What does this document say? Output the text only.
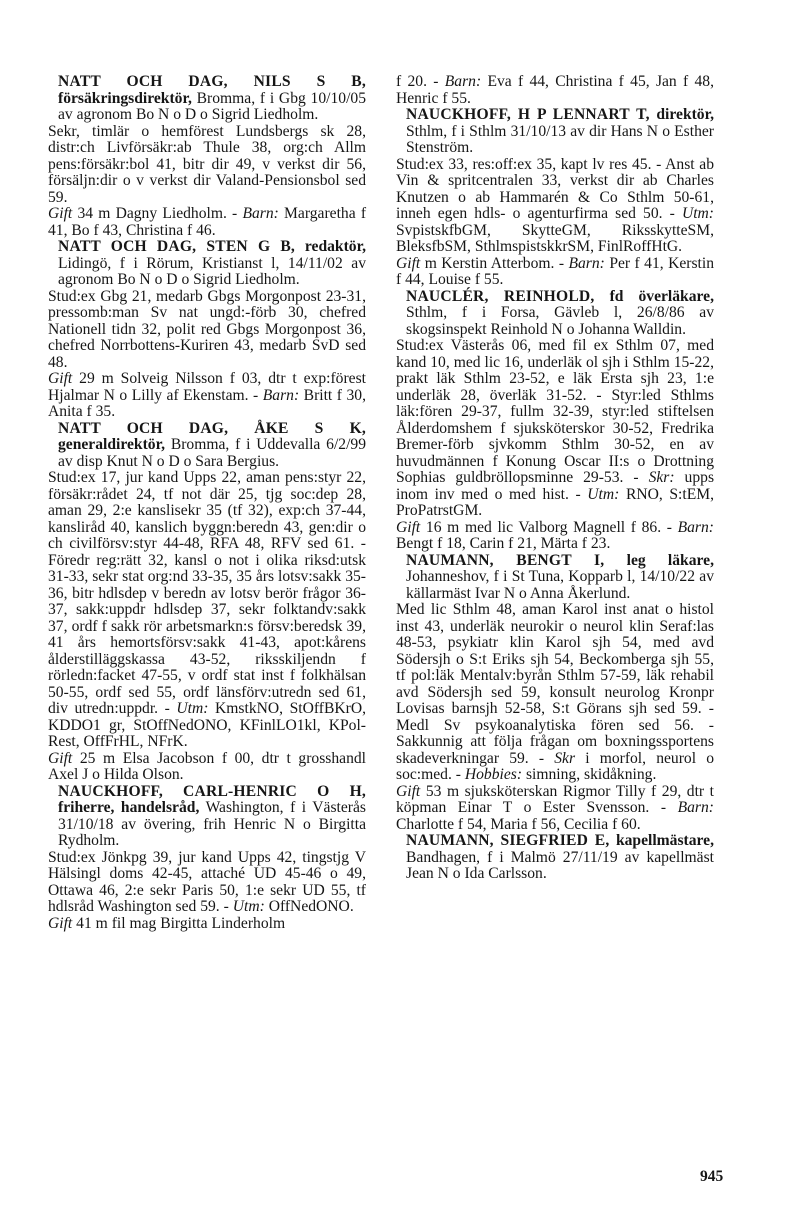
NATT OCH DAG, NILS S B, försäkringsdirektör, Bromma, f i Gbg 10/10/05 av agronom Bo N o D o Sigrid Liedholm.
Sekr, timlär o hemförest Lundsbergs sk 28, distr:ch Livförsäkr:ab Thule 38, org:ch Allm pens:försäkr:bol 41, bitr dir 49, v verkst dir 56, försäljn:dir o v verkst dir Valand-Pensionsbol sed 59.
Gift 34 m Dagny Liedholm. - Barn: Margaretha f 41, Bo f 43, Christina f 46.
NATT OCH DAG, STEN G B, redaktör, Lidingö, f i Rörum, Kristianst l, 14/11/02 av agronom Bo N o D o Sigrid Liedholm.
Stud:ex Gbg 21, medarb Gbgs Morgonpost 23-31, pressomb:man Sv nat ungd:-förb 30, chefred Nationell tidn 32, polit red Gbgs Morgonpost 36, chefred Norrbottens-Kuriren 43, medarb SvD sed 48.
Gift 29 m Solveig Nilsson f 03, dtr t exp:förest Hjalmar N o Lilly af Ekenstam. - Barn: Britt f 30, Anita f 35.
NATT OCH DAG, ÅKE S K, generaldirektör, Bromma, f i Uddevalla 6/2/99 av disp Knut N o D o Sara Bergius.
Stud:ex 17, jur kand Upps 22, aman pens:styr 22, försäkr:rådet 24, tf not där 25, tjg soc:dep 28, aman 29, 2:e kanslisekr 35 (tf 32), exp:ch 37-44, kansliråd 40, kanslich byggn:beredn 43, gen:dir o ch civilförsv:styr 44-48, RFA 48, RFV sed 61. - Föredr reg:rätt 32, kansl o not i olika riksd:utsk 31-33, sekr stat org:nd 33-35, 35 års lotsv:sakk 35-36, bitr hdlsdep v beredn av lotsv berör frågor 36-37, sakk:uppdr hdlsdep 37, sekr folktandv:sakk 37, ordf f sakk rör arbetsmarkn:s försv:beredsk 39, 41 års hemortsförsv:sakk 41-43, apot:kårens ålderstilläggskassa 43-52, riksskiljendn f rörledn:facket 47-55, v ordf stat inst f folkhälsan 50-55, ordf sed 55, ordf länsförv:utredn sed 61, div utredn:uppdr. - Utm: KmstkNO, StOffBKrO, KDDO1 gr, StOffNedONO, KFinlLO1kl, KPol-Rest, OffFrHL, NFrK.
Gift 25 m Elsa Jacobson f 00, dtr t grosshandl Axel J o Hilda Olson.
NAUCKHOFF, CARL-HENRIC O H, friherre, handelsråd, Washington, f i Västerås 31/10/18 av övering, frih Henric N o Birgitta Rydholm.
Stud:ex Jönkpg 39, jur kand Upps 42, tingstjg V Hälsingl doms 42-45, attaché UD 45-46 o 49, Ottawa 46, 2:e sekr Paris 50, 1:e sekr UD 55, tf hdlsråd Washington sed 59. - Utm: OffNedONO.
Gift 41 m fil mag Birgitta Linderholm
f 20. - Barn: Eva f 44, Christina f 45, Jan f 48, Henric f 55.
NAUCKHOFF, H P LENNART T, direktör, Sthlm, f i Sthlm 31/10/13 av dir Hans N o Esther Stenström.
Stud:ex 33, res:off:ex 35, kapt lv res 45. - Anst ab Vin & spritcentralen 33, verkst dir ab Charles Knutzen o ab Hammarén & Co Sthlm 50-61, inneh egen hdls- o agenturfirma sed 50. - Utm: SvpistskfbGM, SkytteGM, RiksskytteSM, BleksfbSM, SthlmspistskkrSM, FinlRoffHtG.
Gift m Kerstin Atterbom. - Barn: Per f 41, Kerstin f 44, Louise f 55.
NAUCLÉR, REINHOLD, fd överläkare, Sthlm, f i Forsa, Gävleb l, 26/8/86 av skogsinspekt Reinhold N o Johanna Walldin.
Stud:ex Västerås 06, med fil ex Sthlm 07, med kand 10, med lic 16, underläk ol sjh i Sthlm 15-22, prakt läk Sthlm 23-52, e läk Ersta sjh 23, 1:e underläk 28, överläk 31-52. - Styr:led Sthlms läk:fören 29-37, fullm 32-39, styr:led stiftelsen Ålderdomshem f sjuksköterskor 30-52, Fredrika Bremer-förb sjvkomm Sthlm 30-52, en av huvudmännen f Konung Oscar II:s o Drottning Sophias guldbröllopsminne 29-53. - Skr: upps inom inv med o med hist. - Utm: RNO, S:tEM, ProPatrstGM.
Gift 16 m med lic Valborg Magnell f 86. - Barn: Bengt f 18, Carin f 21, Märta f 23.
NAUMANN, BENGT I, leg läkare, Johanneshov, f i St Tuna, Kopparb l, 14/10/22 av källarmäst Ivar N o Anna Åkerlund.
Med lic Sthlm 48, aman Karol inst anat o histol inst 43, underläk neurokir o neurol klin Seraf:las 48-53, psykiatr klin Karol sjh 54, med avd Södersjh o S:t Eriks sjh 54, Beckomberga sjh 55, tf pol:läk Mentalv:byrån Sthlm 57-59, läk rehabil avd Södersjh sed 59, konsult neurolog Kronpr Lovisas barnsjh 52-58, S:t Görans sjh sed 59. - Medl Sv psykoanalytiska fören sed 56. - Sakkunnig att följa frågan om boxningssportens skadeverkningar 59. - Skr i morfol, neurol o soc:med. - Hobbies: simning, skidåkning.
Gift 53 m sjuksköterskan Rigmor Tilly f 29, dtr t köpman Einar T o Ester Svensson. - Barn: Charlotte f 54, Maria f 56, Cecilia f 60.
NAUMANN, SIEGFRIED E, kapellmästare, Bandhagen, f i Malmö 27/11/19 av kapellmäst Jean N o Ida Carlsson.
945
